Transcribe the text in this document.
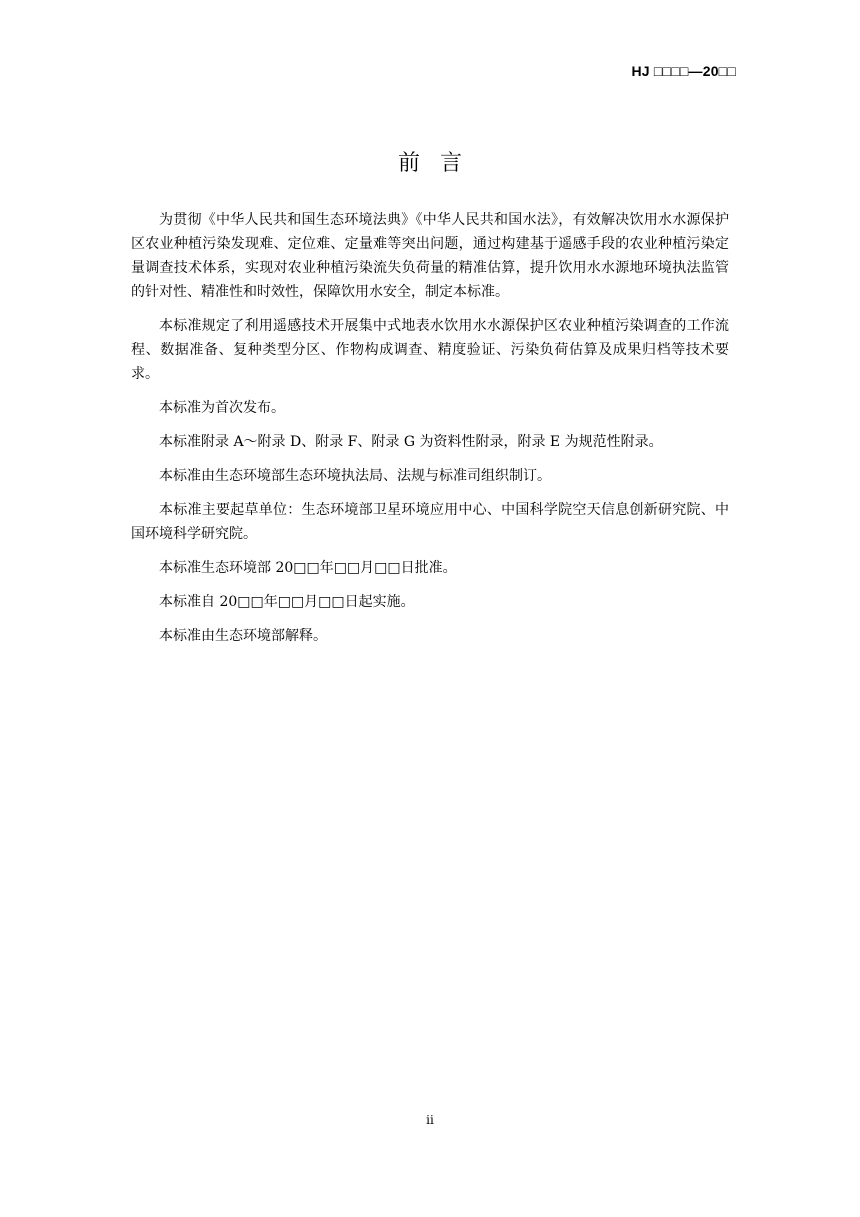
HJ □□□□—20□□
前言

为贯彻《中华人民共和国生态环境法典》《中华人民共和国水法》，有效解决饮用水水源保护区农业种植污染发现难、定位难、定量难等突出问题，通过构建基于遥感手段的农业种植污染定量调查技术体系，实现对农业种植污染流失负荷量的精准估算，提升饮用水水源地环境执法监管的针对性、精准性和时效性，保障饮用水安全，制定本标准。

本标准规定了利用遥感技术开展集中式地表水饮用水水源保护区农业种植污染调查的工作流程、数据准备、复种类型分区、作物构成调查、精度验证、污染负荷估算及成果归档等技术要求。

本标准为首次发布。

本标准附录 A～附录 D、附录 F、附录 G 为资料性附录，附录 E 为规范性附录。

本标准由生态环境部生态环境执法局、法规与标准司组织制订。

本标准主要起草单位：生态环境部卫星环境应用中心、中国科学院空天信息创新研究院、中国环境科学研究院。

本标准生态环境部 20□□年□□月□□日批准。

本标准自 20□□年□□月□□日起实施。

本标准由生态环境部解释。

ii
